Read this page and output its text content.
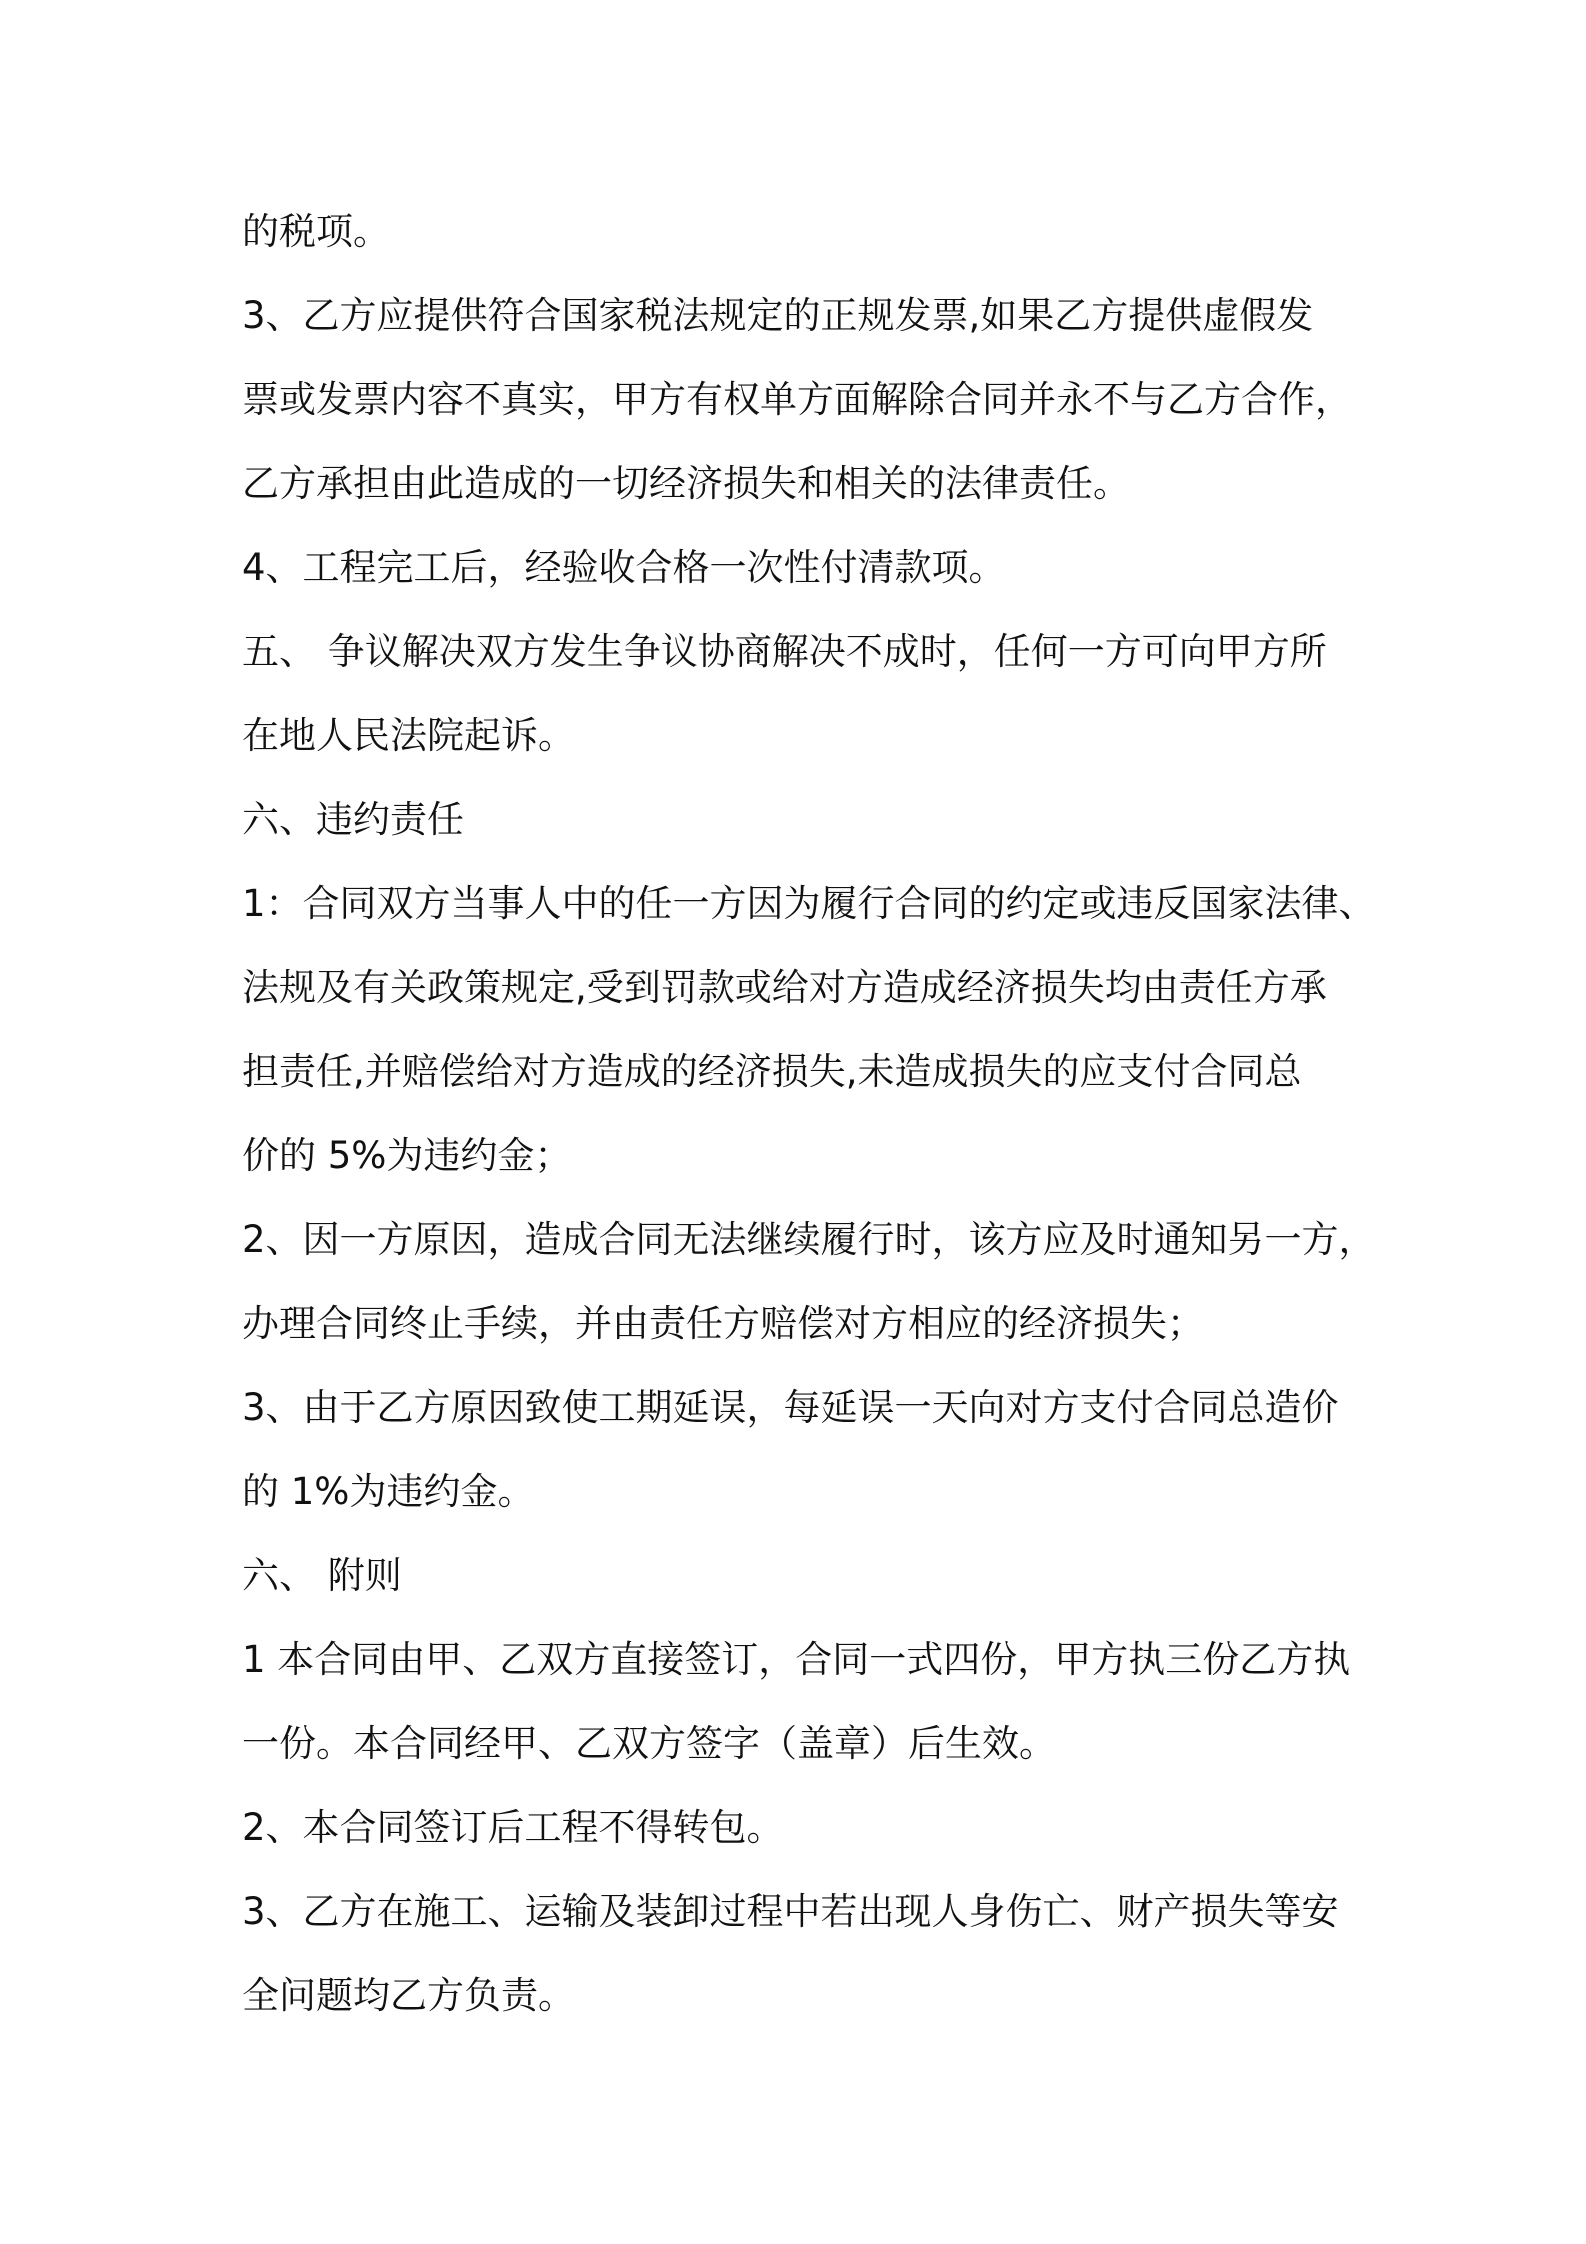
的税项。
3、乙方应提供符合国家税法规定的正规发票,如果乙方提供虚假发
票或发票内容不真实，甲方有权单方面解除合同并永不与乙方合作，
乙方承担由此造成的一切经济损失和相关的法律责任。
4、工程完工后，经验收合格一次性付清款项。
五、 争议解决双方发生争议协商解决不成时，任何一方可向甲方所
在地人民法院起诉。
六、违约责任
1：合同双方当事人中的任一方因为履行合同的约定或违反国家法律、
法规及有关政策规定,受到罚款或给对方造成经济损失均由责任方承
担责任,并赔偿给对方造成的经济损失,未造成损失的应支付合同总
价的 5%为违约金；
2、因一方原因，造成合同无法继续履行时，该方应及时通知另一方，
办理合同终止手续，并由责任方赔偿对方相应的经济损失；
3、由于乙方原因致使工期延误，每延误一天向对方支付合同总造价
的 1%为违约金。
六、 附则
1 本合同由甲、乙双方直接签订，合同一式四份，甲方执三份乙方执
一份。本合同经甲、乙双方签字（盖章）后生效。
2、本合同签订后工程不得转包。
3、乙方在施工、运输及装卸过程中若出现人身伤亡、财产损失等安
全问题均乙方负责。
